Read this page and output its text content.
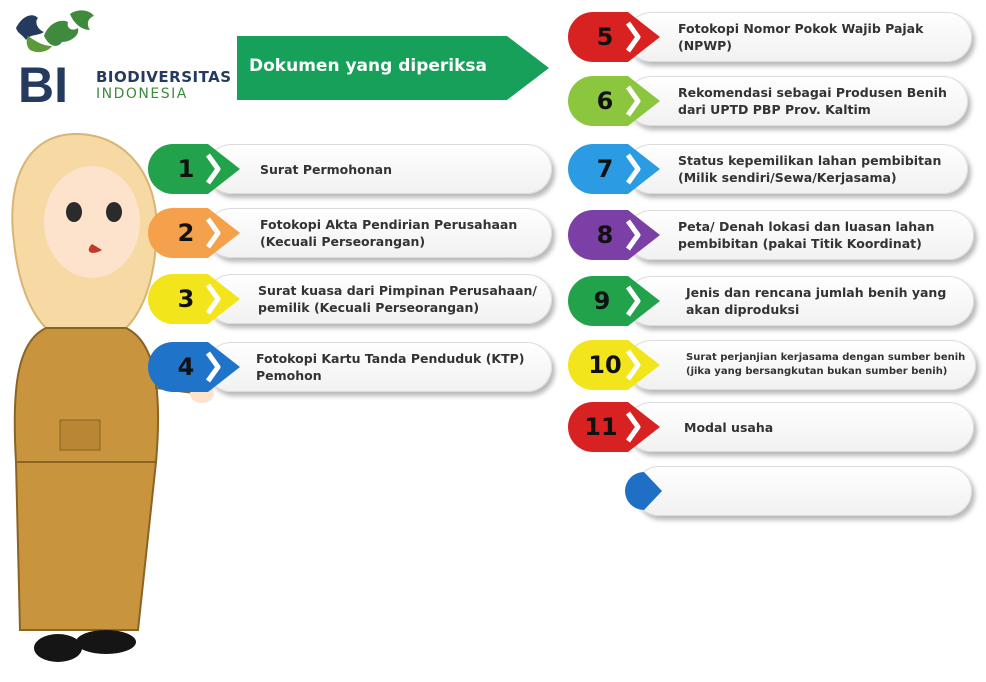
BI BIODIVERSITAS
INDONESIA
Dokumen yang diperiksa
1	Surat Permohonan
2	Fotokopi Akta Pendirian Perusahaan (Kecuali Perseorangan)
3	Surat kuasa dari Pimpinan Perusahaan/ pemilik (Kecuali Perseorangan)
4	Fotokopi Kartu Tanda Penduduk (KTP) Pemohon
5	Fotokopi Nomor Pokok Wajib Pajak (NPWP)
6	Rekomendasi sebagai Produsen Benih dari UPTD PBP Prov. Kaltim
7	Status kepemilikan lahan pembibitan (Milik sendiri/Sewa/Kerjasama)
8	Peta/ Denah lokasi dan luasan lahan pembibitan (pakai Titik Koordinat)
9	Jenis dan rencana jumlah benih yang akan diproduksi
10	Surat perjanjian kerjasama dengan sumber benih (jika yang bersangkutan bukan sumber benih)
11	Modal usaha
